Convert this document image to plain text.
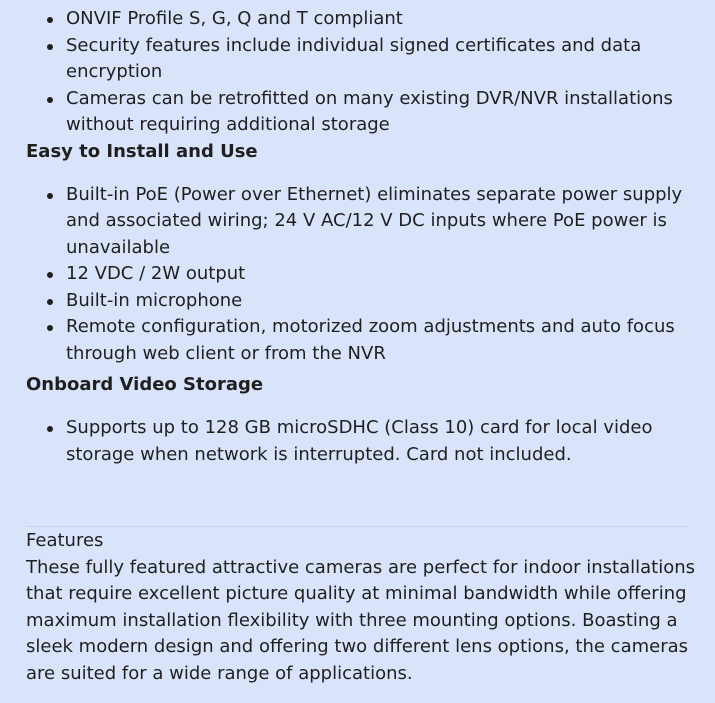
ONVIF Profile S, G, Q and T compliant
Security features include individual signed certificates and data encryption
Cameras can be retrofitted on many existing DVR/NVR installations without requiring additional storage
Easy to Install and Use
Built-in PoE (Power over Ethernet) eliminates separate power supply and associated wiring; 24 V AC/12 V DC inputs where PoE power is unavailable
12 VDC / 2W output
Built-in microphone
Remote configuration, motorized zoom adjustments and auto focus through web client or from the NVR
Onboard Video Storage
Supports up to 128 GB microSDHC (Class 10) card for local video storage when network is interrupted. Card not included.

Features

These fully featured attractive cameras are perfect for indoor installations that require excellent picture quality at minimal bandwidth while offering maximum installation flexibility with three mounting options. Boasting a sleek modern design and offering two different lens options, the cameras are suited for a wide range of applications.
